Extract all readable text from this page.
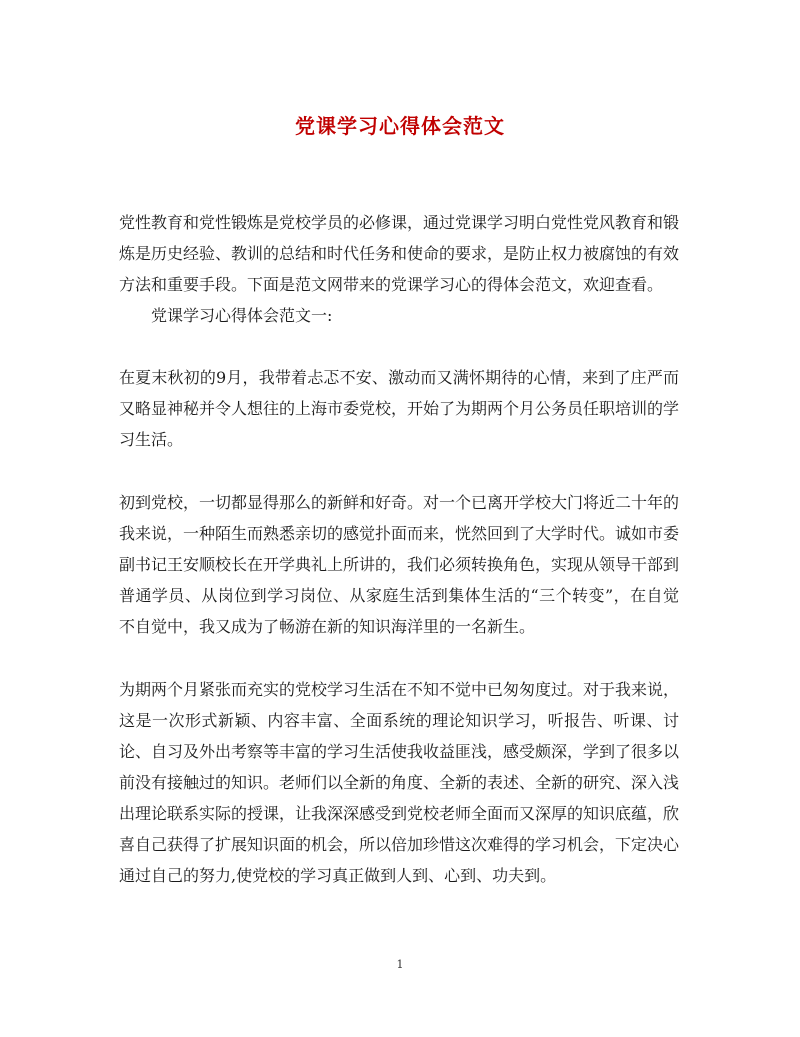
党课学习心得体会范文

党性教育和党性锻炼是党校学员的必修课，通过党课学习明白党性党风教育和锻炼是历史经验、教训的总结和时代任务和使命的要求，是防止权力被腐蚀的有效方法和重要手段。下面是范文网带来的党课学习心的得体会范文，欢迎查看。

党课学习心得体会范文一:

在夏末秋初的9月，我带着忐忑不安、激动而又满怀期待的心情，来到了庄严而又略显神秘并令人想往的上海市委党校，开始了为期两个月公务员任职培训的学习生活。

初到党校，一切都显得那么的新鲜和好奇。对一个已离开学校大门将近二十年的我来说，一种陌生而熟悉亲切的感觉扑面而来，恍然回到了大学时代。诚如市委副书记王安顺校长在开学典礼上所讲的，我们必须转换角色，实现从领导干部到普通学员、从岗位到学习岗位、从家庭生活到集体生活的“三个转变”，在自觉不自觉中，我又成为了畅游在新的知识海洋里的一名新生。

为期两个月紧张而充实的党校学习生活在不知不觉中已匆匆度过。对于我来说，这是一次形式新颖、内容丰富、全面系统的理论知识学习，听报告、听课、讨论、自习及外出考察等丰富的学习生活使我收益匪浅，感受颇深，学到了很多以前没有接触过的知识。老师们以全新的角度、全新的表述、全新的研究、深入浅出理论联系实际的授课，让我深深感受到党校老师全面而又深厚的知识底蕴，欣喜自己获得了扩展知识面的机会，所以倍加珍惜这次难得的学习机会，下定决心通过自己的努力,使党校的学习真正做到人到、心到、功夫到。

1
